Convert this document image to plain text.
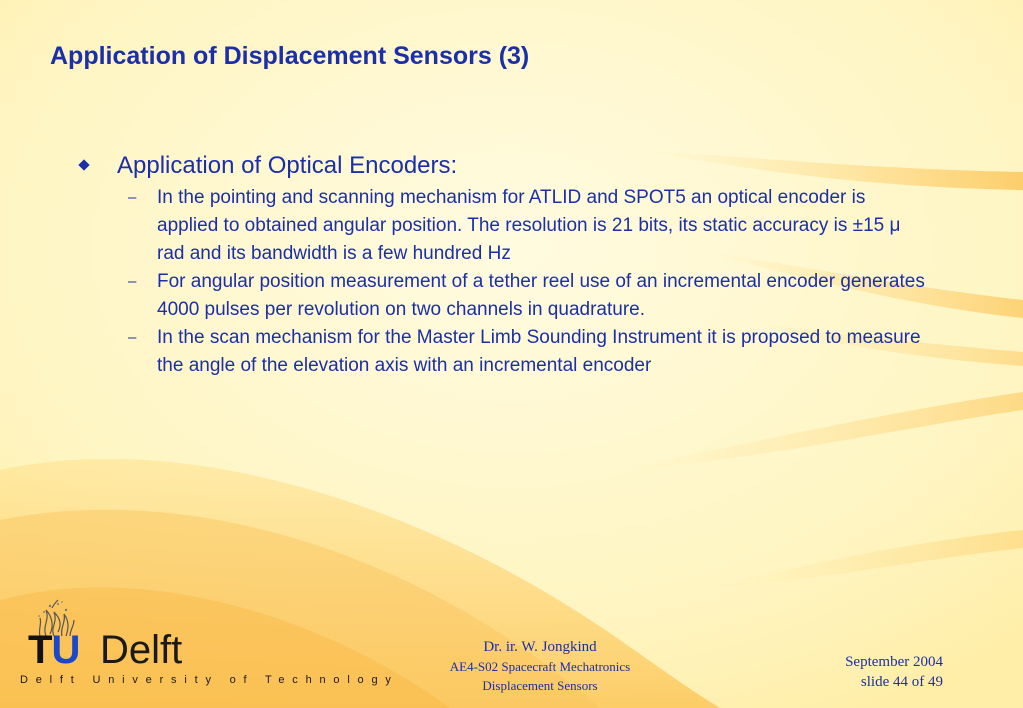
Application of Displacement Sensors (3)
Application of Optical Encoders:
– In the pointing and scanning mechanism for ATLID and SPOT5 an optical encoder is applied to obtained angular position. The resolution is 21 bits, its static accuracy is ±15 μ rad and its bandwidth is a few hundred Hz
– For angular position measurement of a tether reel use of an incremental encoder generates 4000 pulses per revolution on two channels in quadrature.
– In the scan mechanism for the Master Limb Sounding Instrument it is proposed to measure the angle of the elevation axis with an incremental encoder
TU Delft
Delft University of Technology
Dr. ir. W. Jongkind
AE4-S02 Spacecraft Mechatronics
Displacement Sensors
September 2004
slide 44 of 49
